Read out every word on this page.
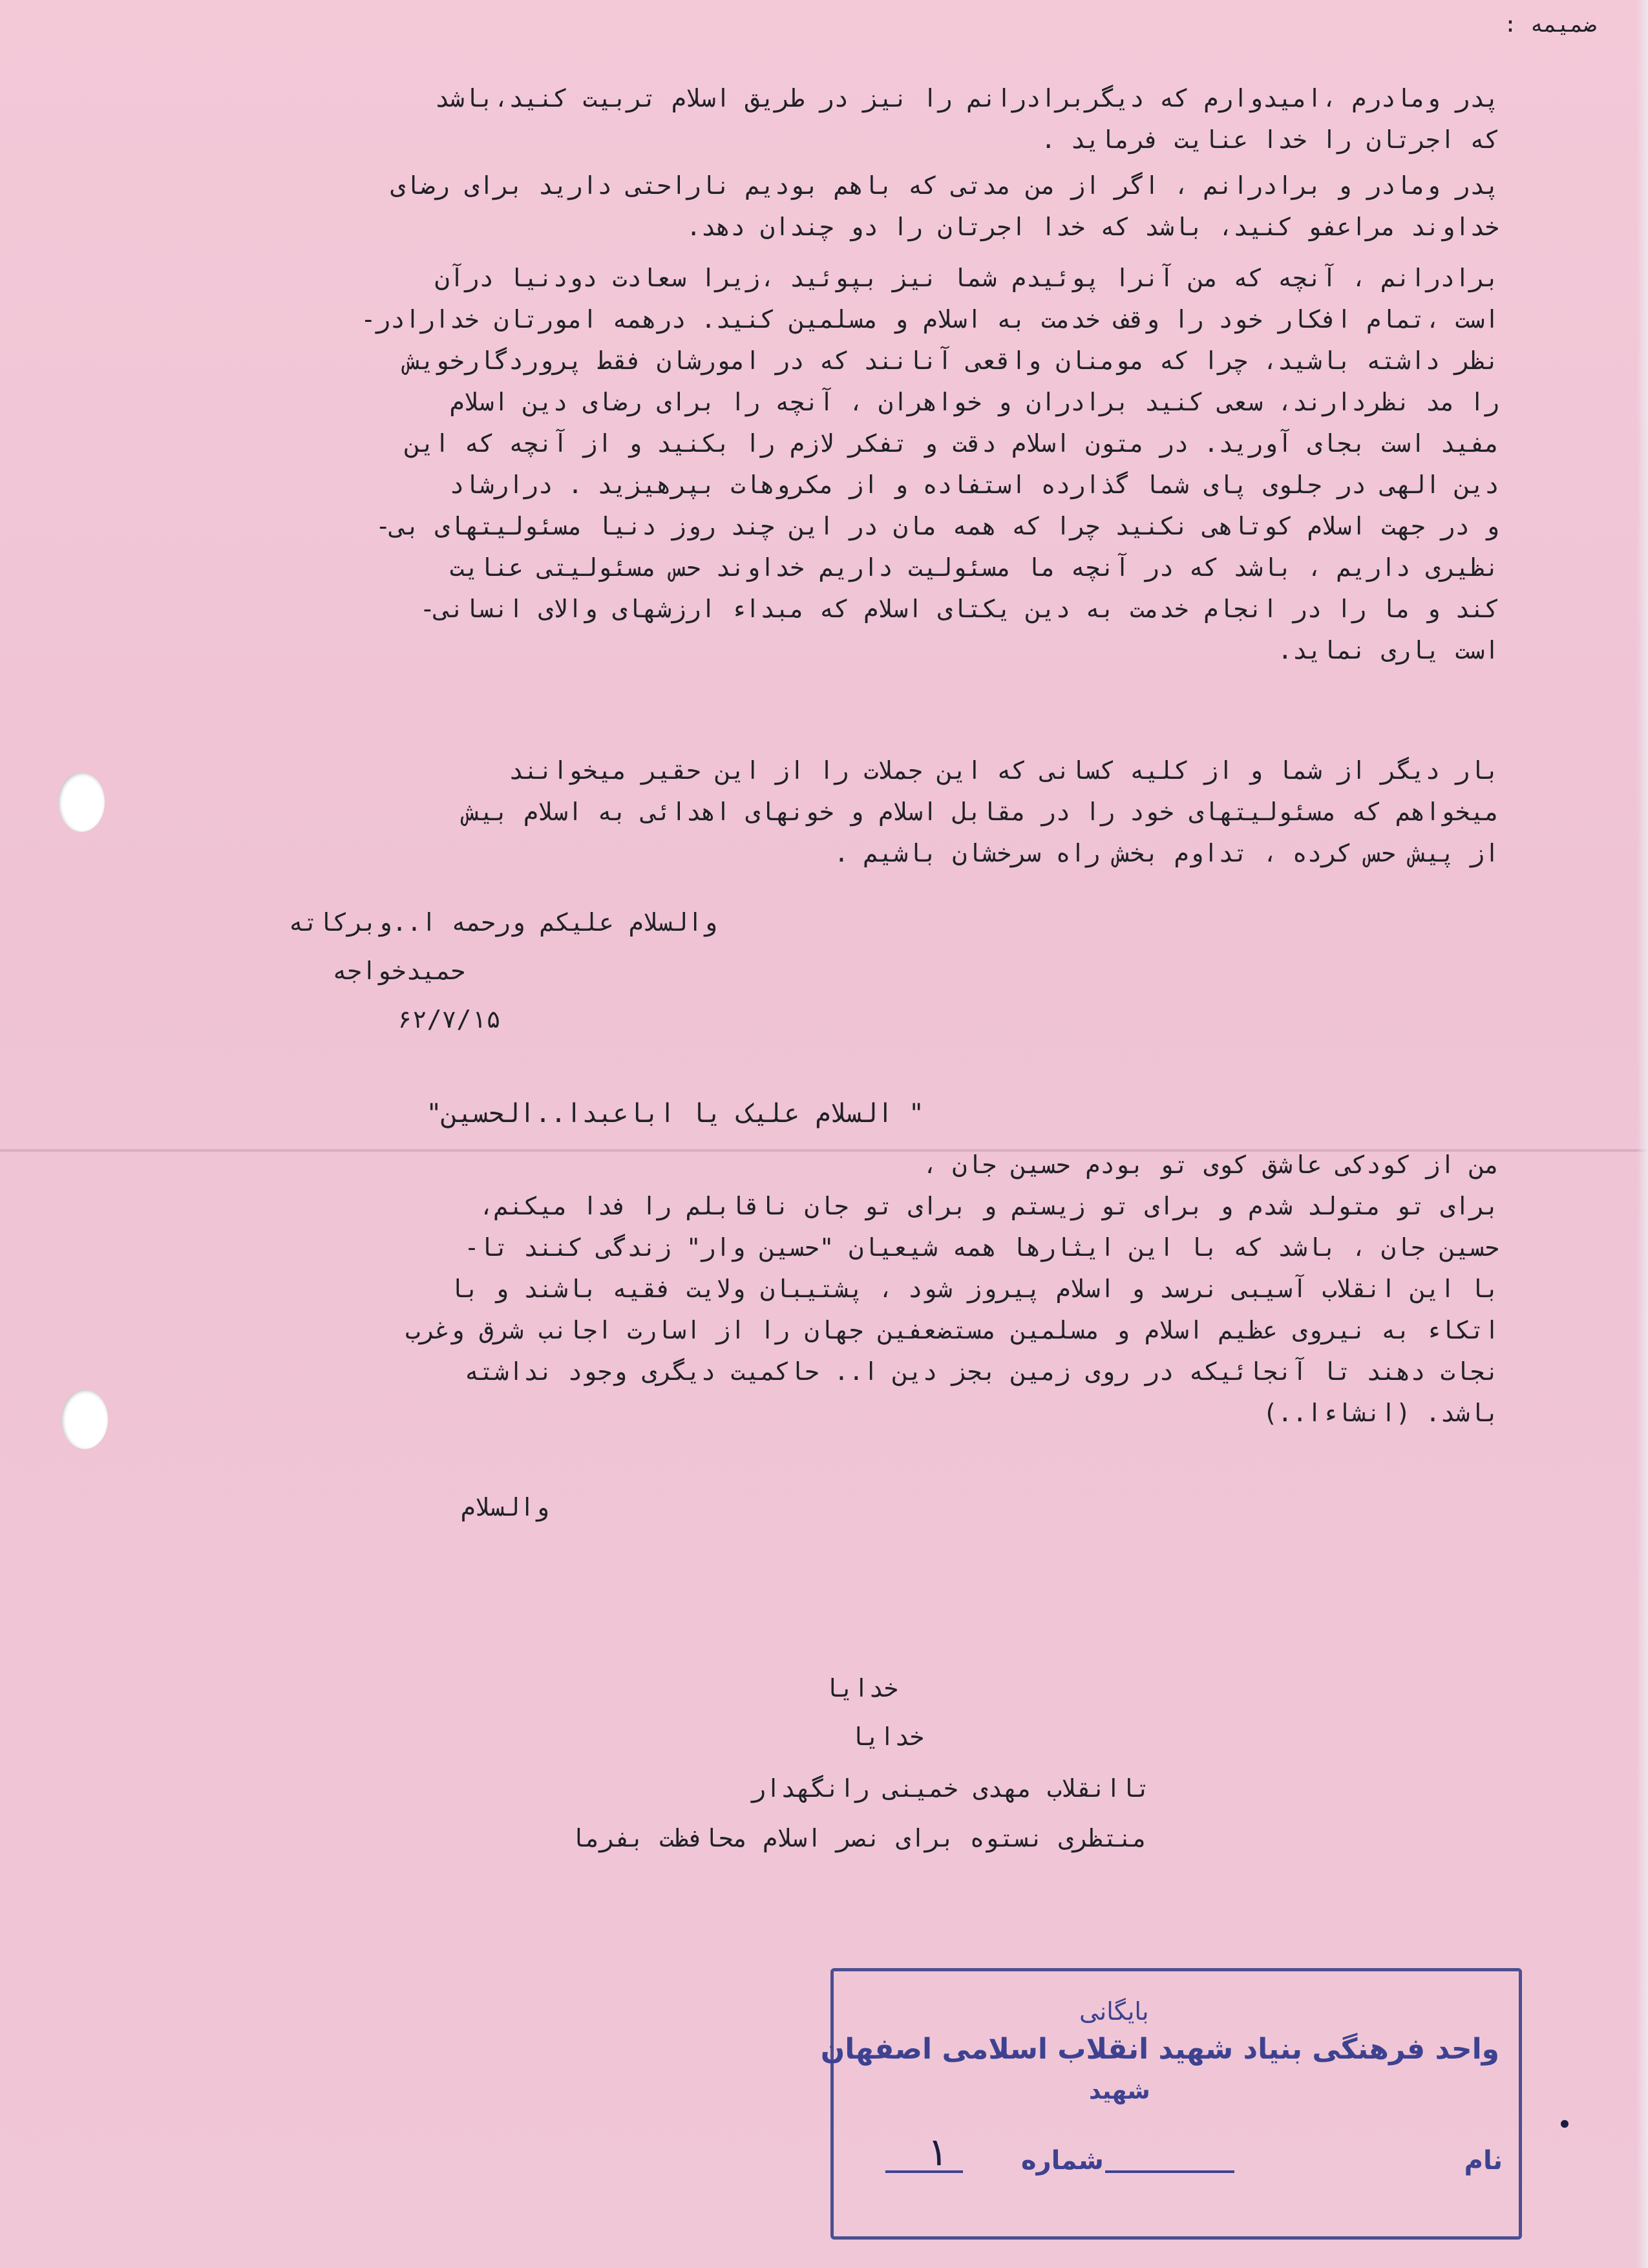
ضمیمه :
پدر ومادرم ،امیدوارم که دیگربرادرانم را نیز در طریق اسلام تربیت کنید،باشد
که اجرتان را خدا عنایت فرماید .
پدر ومادر و برادرانم ، اگر از من مدتی که باهم بودیم ناراحتی دارید برای رضای
خداوند مراعفو کنید، باشد که خدا اجرتان را دو چندان دهد.
برادرانم ، آنچه که من آنرا پوئیدم شما نیز بپوئید ،زیرا سعادت دودنیا درآن
است ،تمام افکار خود را وقف خدمت به اسلام و مسلمین کنید. درهمه امورتان خدارادر-
نظر داشته باشید، چرا که مومنان واقعی آنانند که در امورشان فقط پروردگارخویش
را مد نظردارند، سعی کنید برادران و خواهران ، آنچه را برای رضای دین اسلام
مفید است بجای آورید. در متون اسلام دقت و تفکر لازم را بکنید و از آنچه که این
دین الهی در جلوی پای شما گذارده استفاده و از مکروهات بپرهیزید . درارشاد
و در جهت اسلام کوتاهی نکنید چرا که همه مان در این چند روز دنیا مسئولیتهای بی-
نظیری داریم ، باشد که در آنچه ما مسئولیت داریم خداوند حس مسئولیتی عنایت
کند و ما را در انجام خدمت به دین یکتای اسلام که مبداء ارزشهای والای انسانی-
است یاری نماید.
بار دیگر از شما و از کلیه کسانی که این جملات را از این حقیر میخوانند
میخواهم که مسئولیتهای خود را در مقابل اسلام و خونهای اهدائی به اسلام بیش
از پیش حس کرده ، تداوم بخش راه سرخشان باشیم .
والسلام علیکم ورحمه ا..وبرکاته
حمیدخواجه
۶۲/۷/۱۵
" السلام علیک یا اباعبدا..الحسین"
من از کودکی عاشق کوی تو بودم حسین جان ،
برای تو متولد شدم و برای تو زیستم و برای تو جان ناقابلم را فدا میکنم،
حسین جان ، باشد که با این ایثارها همه شیعیان "حسین وار" زندگی کنند تا-
با این انقلاب آسیبی نرسد و اسلام پیروز شود ، پشتیبان ولایت فقیه باشند و با
اتکاء به نیروی عظیم اسلام و مسلمین مستضعفین جهان را از اسارت اجانب شرق وغرب
نجات دهند تا آنجائیکه در روی زمین بجز دین ا.. حاکمیت دیگری وجود نداشته
باشد. (انشاءا..)
والسلام
خدایا
خدایا
تاانقلاب مهدی خمینی رانگهدار
منتظری نستوه برای نصر اسلام محافظت بفرما
بایگانی
واحد فرهنگی بنیاد شهید انقلاب اسلامی اصفهان
شهید
نام
شماره
۱
